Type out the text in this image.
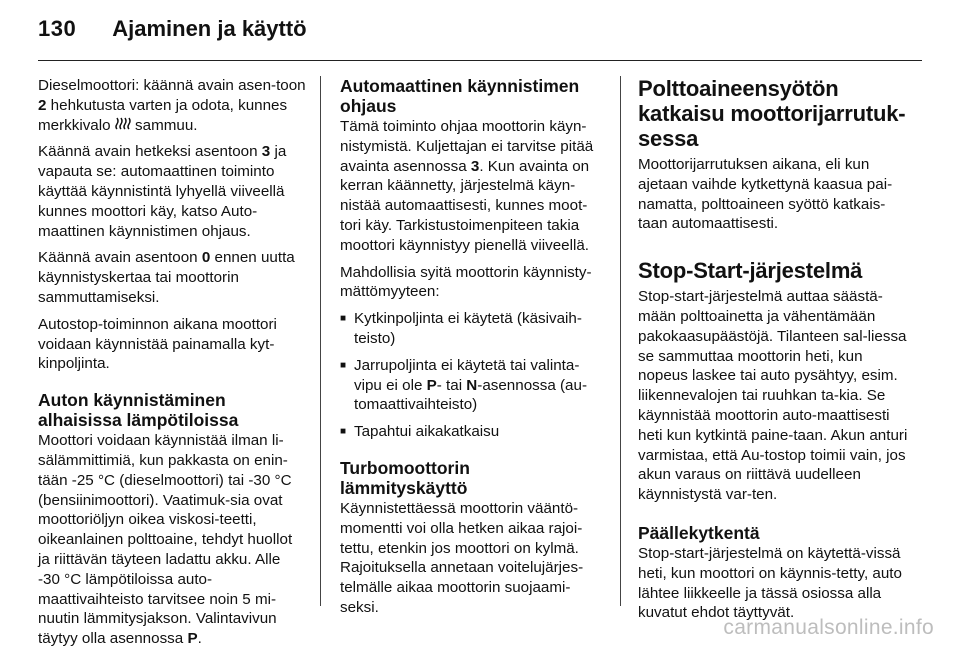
130 Ajaminen ja käyttö

Dieselmoottori: käännä avain asen-toon 2 hehkutusta varten ja odota, kunnes merkkivalo  sammuu.

Käännä avain hetkeksi asentoon 3 ja vapauta se: automaattinen toiminto käyttää käynnistintä lyhyellä viiveellä kunnes moottori käy, katso Auto-maattinen käynnistimen ohjaus.

Käännä avain asentoon 0 ennen uutta käynnistyskertaa tai moottorin sammuttamiseksi.

Autostop-toiminnon aikana moottori voidaan käynnistää painamalla kyt-kinpoljinta.

Auton käynnistäminen alhaisissa lämpötiloissa

Moottori voidaan käynnistää ilman li-sälämmittimiä, kun pakkasta on enin-tään -25 °C (dieselmoottori) tai -30 °C (bensiinimoottori). Vaatimuk-sia ovat moottoriöljyn oikea viskosi-teetti, oikeanlainen polttoaine, tehdyt huollot ja riittävän täyteen ladattu akku. Alle -30 °C lämpötiloissa auto-maattivaihteisto tarvitsee noin 5 mi-nuutin lämmitysjakson. Valintavivun täytyy olla asennossa P.

Automaattinen käynnistimen ohjaus

Tämä toiminto ohjaa moottorin käyn-nistymistä. Kuljettajan ei tarvitse pitää avainta asennossa 3. Kun avainta on kerran käännetty, järjestelmä käyn-nistää automaattisesti, kunnes moot-tori käy. Tarkistustoimenpiteen takia moottori käynnistyy pienellä viiveellä.

Mahdollisia syitä moottorin käynnisty-mättömyyteen:

■ Kytkinpoljinta ei käytetä (käsivaih-teisto)
■ Jarrupoljinta ei käytetä tai valinta-vipu ei ole P- tai N-asennossa (au-tomaattivaihteisto)
■ Tapahtui aikakatkaisu
Turbomoottorin lämmityskäyttö

Käynnistettäessä moottorin vääntö-momentti voi olla hetken aikaa rajoi-tettu, etenkin jos moottori on kylmä. Rajoituksella annetaan voitelujärjes-telmälle aikaa moottorin suojaami-seksi.

Polttoaineensyötön katkaisu moottorijarrutuk-sessa

Moottorijarrutuksen aikana, eli kun ajetaan vaihde kytkettynä kaasua pai-namatta, polttoaineen syöttö katkais-taan automaattisesti.

Stop-Start-järjestelmä

Stop-start-järjestelmä auttaa säästä-mään polttoainetta ja vähentämään pakokaasupäästöjä. Tilanteen sal-liessa se sammuttaa moottorin heti, kun nopeus laskee tai auto pysähtyy, esim. liikennevalojen tai ruuhkan ta-kia. Se käynnistää moottorin auto-maattisesti heti kun kytkintä paine-taan. Akun anturi varmistaa, että Au-tostop toimii vain, jos akun varaus on riittävä uudelleen käynnistystä var-ten.

Päällekytkentä

Stop-start-järjestelmä on käytettä-vissä heti, kun moottori on käynnis-tetty, auto lähtee liikkeelle ja tässä osiossa alla kuvatut ehdot täyttyvät.

carmanualsonline.info
